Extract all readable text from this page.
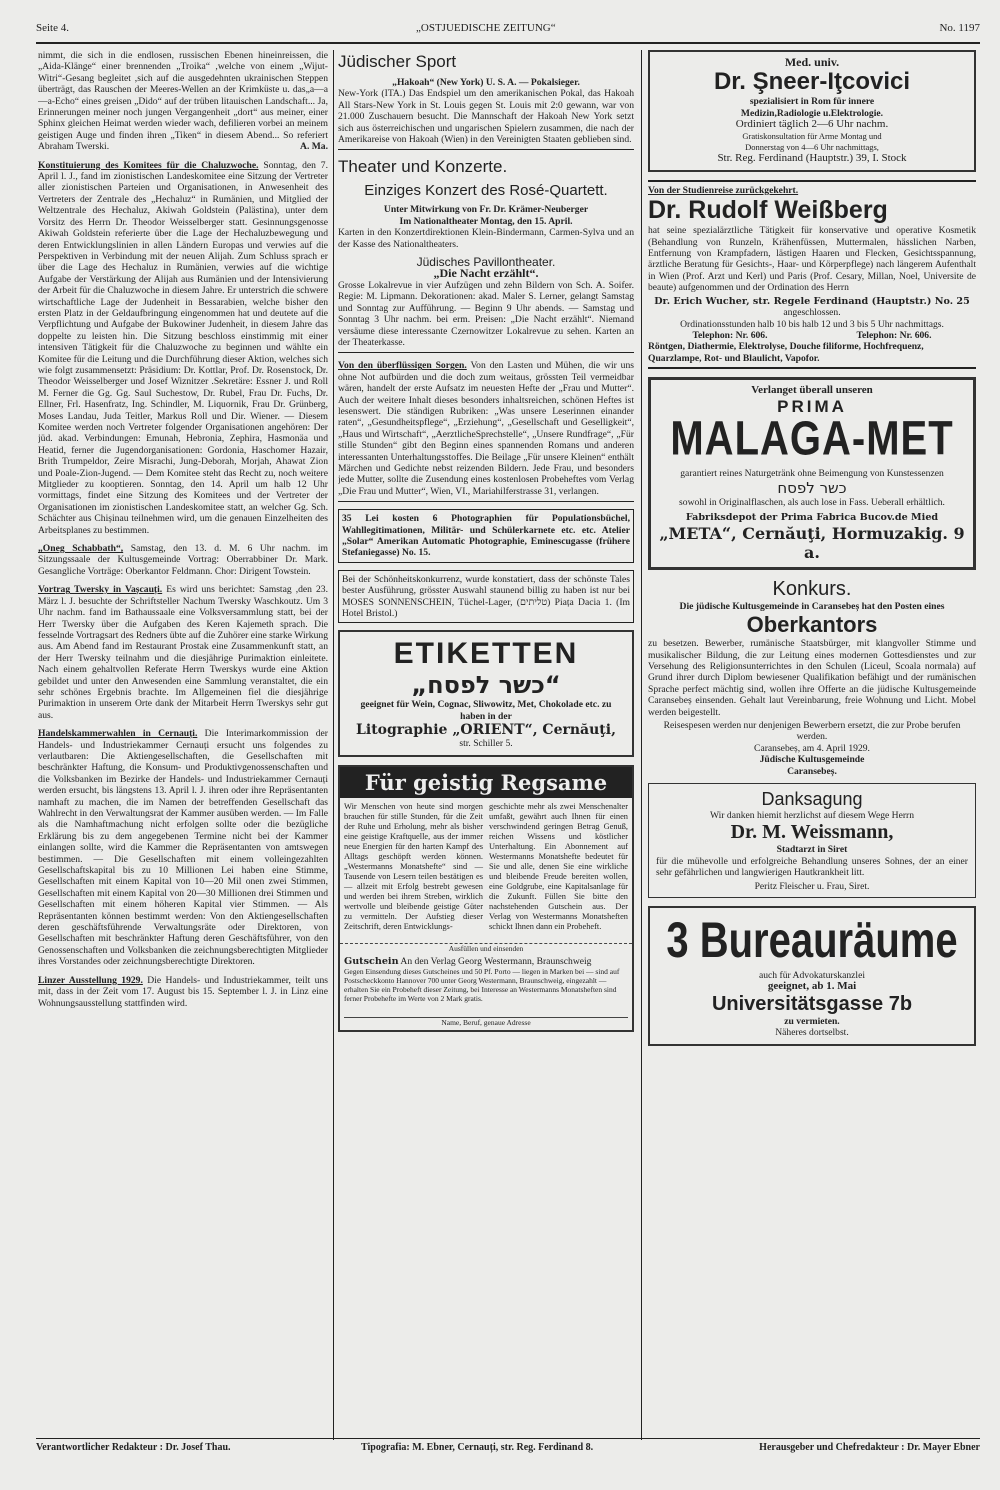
Seite 4.	„OSTJUEDISCHE ZEITUNG“	No. 1197

nimmt, die sich in die endlosen, russischen Ebenen hineinreissen, die „Aida-Klänge“ einer brennenden „Troika“ ,welche von einem „Wijut-Witri“-Gesang begleitet ,sich auf die ausgedehnten ukrainischen Steppen überträgt, das Rauschen der Meeres-Wellen an der Krimküste u. das„a—a—a-Echo“ eines greisen „Dido“ auf der trüben litauischen Landschaft... Ja, Erinnerungen meiner noch jungen Vergangenheit „dort“ aus meiner, einer Sphinx gleichen Heimat werden wieder wach, defilieren vorbei an meinem geistigen Auge und finden ihren „Tiken“ in diesem Abend... So referiert Abraham Twerski.	A. Ma.

Konstituierung des Komitees für die Chaluzwoche. Sonntag, den 7. April l. J., fand im zionistischen Landeskomitee eine Sitzung der Vertreter aller zionistischen Parteien und Organisationen, in Anwesenheit des Vertreters der Zentrale des „Hechaluz“ in Rumänien, und Mitglied der Weltzentrale des Hechaluz, Akiwah Goldstein (Palästina), unter dem Vorsitz des Herrn Dr. Theodor Weisselberger statt. Gesinnungsgenosse Akiwah Goldstein referierte über die Lage der Hechaluzbewegung und deren Entwicklungslinien in allen Ländern Europas und verwies auf die Perspektiven in Verbindung mit der neuen Alijah. Zum Schluss sprach er über die Lage des Hechaluz in Rumänien, verwies auf die wichtige Aufgabe der Verstärkung der Alijah aus Rumänien und der Intensivierung der Arbeit für die Chaluzwoche in diesem Jahre. Er unterstrich die schwere wirtschaftliche Lage der Judenheit in Bessarabien, welche bisher den ersten Platz in der Geldaufbringung eingenommen hat und deutete auf die Verpflichtung und Aufgabe der Bukowiner Judenheit, in diesem Jahre das doppelte zu leisten hin. Die Sitzung beschloss einstimmig mit einer intensiven Tätigkeit für die Chaluzwoche zu beginnen und wählte ein Komitee für die Leitung und die Durchführung dieser Aktion, welches sich wie folgt zusammensetzt: Präsidium: Dr. Kottlar, Prof. Dr. Rosenstock, Dr. Theodor Weisselberger und Josef Wiznitzer .Sekretäre: Essner J. und Roll M. Ferner die Gg. Gg. Saul Suchestow, Dr. Rubel, Frau Dr. Fuchs, Dr. Ellner, Frl. Hasenfratz, Ing. Schindler, M. Liquornik, Frau Dr. Grünberg, Moses Landau, Juda Teitler, Markus Roll und Dir. Wiener. — Diesem Komitee werden noch Vertreter folgender Organisationen angehören: Der jüd. akad. Verbindungen: Emunah, Hebronia, Zephira, Hasmonäa und Heatid, ferner die Jugendorganisationen: Gordonia, Haschomer Hazair, Brith Trumpeldor, Zeire Misrachi, Jung-Deborah, Morjah, Ahawat Zion und Poale-Zion-Jugend. — Dem Komitee steht das Recht zu, noch weitere Mitglieder zu kooptieren. Sonntag, den 14. April um halb 12 Uhr vormittags, findet eine Sitzung des Komitees und der Vertreter der Organisationen im zionistischen Landeskomitee statt, an welcher Gg. Sch. Schächter aus Chișinau teilnehmen wird, um die genauen Einzelheiten des Arbeitsplanes zu bestimmen.

„Oneg Schabbath“, Samstag, den 13. d. M. 6 Uhr nachm. im Sitzungssaale der Kultusgemeinde Vortrag: Oberrabbiner Dr. Mark. Gesangliche Vorträge: Oberkantor Feldmann. Chor: Dirigent Towstein.

Vortrag Twersky in Vașcauți. Es wird uns berichtet: Samstag ,den 23. März l. J. besuchte der Schriftsteller Nachum Twersky Waschkoutz. Um 3 Uhr nachm. fand im Bathaussaale eine Volksversammlung statt, bei der Herr Twersky über die Aufgaben des Keren Kajemeth sprach. Die fesselnde Vortragsart des Redners übte auf die Zuhörer eine starke Wirkung aus. Am Abend fand im Restaurant Prostak eine Zusammenkunft statt, an der Herr Twersky teilnahm und die diesjährige Purimaktion einleitete. Nach einem gehaltvollen Referate Herrn Twerskys wurde eine Aktion gebildet und unter den Anwesenden eine Sammlung veranstaltet, die ein sehr schönes Ergebnis brachte. Im Allgemeinen fiel die diesjährige Purimaktion in unserem Orte dank der Mitarbeit Herrn Twerskys sehr gut aus.

Handelskammerwahlen in Cernauți. Die Interimarkommission der Handels- und Industriekammer Cernauți ersucht uns folgendes zu verlautbaren: Die Aktiengesellschaften, die Gesellschaften mit beschränkter Haftung, die Konsum- und Produktivgenossenschaften und die Volksbanken im Bezirke der Handels- und Industriekammer Cernauți werden ersucht, bis längstens 13. April l. J. ihren oder ihre Repräsentanten namhaft zu machen, die im Namen der betreffenden Gesellschaft das Wahlrecht in den Verwaltungsrat der Kammer ausüben werden. — Im Falle als die Namhaftmachung nicht erfolgen sollte oder die bezügliche Erklärung bis zu dem angegebenen Termine nicht bei der Kammer einlangen sollte, wird die Kammer die Repräsentanten von amtswegen bestimmen. — Die Gesellschaften mit einem volleingezahlten Gesellschaftskapital bis zu 10 Millionen Lei haben eine Stimme, Gesellschaften mit einem Kapital von 10—20 Mil onen zwei Stimmen, Gesellschaften mit einem Kapital von 20—30 Millionen drei Stimmen und Gesellschaften mit einem höheren Kapital vier Stimmen. — Als Repräsentanten können bestimmt werden: Von den Aktiengesellschaften deren geschäftsführende Verwaltungsräte oder Direktoren, von Gesellschaften mit beschränkter Haftung deren Geschäftsführer, von den Genossenschaften und Volksbanken die zeichnungsberechtigten Mitglieder ihres Vorstandes oder zeichnungsberechtigte Direktoren.

Linzer Ausstellung 1929. Die Handels- und Industriekammer, teilt uns mit, dass in der Zeit vom 17. August bis 15. September l. J. in Linz eine Wohnungsausstellung stattfinden wird.

Jüdischer Sport

„Hakoah“ (New York) U. S. A. — Pokalsieger.

New-York (ITA.) Das Endspiel um den amerikanischen Pokal, das Hakoah All Stars-New York in St. Louis gegen St. Louis mit 2:0 gewann, war von 21.000 Zuschauern besucht. Die Mannschaft der Hakoah New York setzt sich aus österreichischen und ungarischen Spielern zusammen, die nach der Amerikareise von Hakoah (Wien) in den Vereinigten Staaten geblieben sind.

Theater und Konzerte.
Einziges Konzert des Rosé-Quartett.

Unter Mitwirkung von Fr. Dr. Krämer-Neuberger

Im Nationaltheater Montag, den 15. April.

Karten in den Konzertdirektionen Klein-Bindermann, Carmen-Sylva und an der Kasse des Nationaltheaters.

Jüdisches Pavillontheater.

„Die Nacht erzählt“.

Grosse Lokalrevue in vier Aufzügen und zehn Bildern von Sch. A. Soifer. Regie: M. Lipmann. Dekorationen: akad. Maler S. Lerner, gelangt Samstag und Sonntag zur Aufführung. — Beginn 9 Uhr abends. — Samstag und Sonntag 3 Uhr nachm. bei erm. Preisen: „Die Nacht erzählt“. Niemand versäume diese interessante Czernowitzer Lokalrevue zu sehen. Karten an der Theaterkasse.

Von den überflüssigen Sorgen. Von den Lasten und Mühen, die wir uns ohne Not aufbürden und die doch zum weitaus, grössten Teil vermeidbar wären, handelt der erste Aufsatz im neuesten Hefte der „Frau und Mutter“. Auch der weitere Inhalt dieses besonders inhaltsreichen, schönen Heftes ist lesenswert. Die ständigen Rubriken: „Was unsere Leserinnen einander raten“, „Gesundheitspflege“, „Erziehung“, „Gesellschaft und Geselligkeit“, „Haus und Wirtschaft“, „AerztlicheSprechstelle“, „Unsere Rundfrage“, „Für stille Stunden“ gibt den Beginn eines spannenden Romans und anderen interessanten Unterhaltungsstoffes. Die Beilage „Für unsere Kleinen“ enthält Märchen und Gedichte nebst reizenden Bildern. Jede Frau, und besonders jede Mutter, sollte die Zusendung eines kostenlosen Probeheftes vom Verlag „Die Frau und Mutter“, Wien, VI., Mariahilferstrasse 31, verlangen.

35 Lei kosten 6 Photographien für Populationsbüchel, Wahllegitimationen, Militär- und Schülerkarnete etc. etc. Atelier „Solar“ Amerikan Automatic Photographie, Eminescugasse (frühere Stefaniegasse) No. 15.

Bei der Schönheitskonkurrenz, wurde konstatiert, dass der schönste Tales bester Ausführung, grösster Auswahl staunend billig zu haben ist nur bei MOSES SONNENSCHEIN, Tüchel-Lager, (טליתים) Piața Dacia 1. (Im Hotel Bristol.)

ETIKETTEN
„כשר לפסח“
geeignet für Wein, Cognac, Sliwowitz, Met, Chokolade etc. zu haben in der
Litographie „ORIENT“, Cernăuţi,
str. Schiller 5.
Für geistig Regsame

Wir Menschen von heute sind morgen brauchen für stille Stunden, für die Zeit der Ruhe und Erholung, mehr als bisher eine geistige Kraftquelle, aus der immer neue Energien für den harten Kampf des Alltags geschöpft werden können. „Westermanns Monatshefte“ sind — Tausende von Lesern teilen bestätigen es — allzeit mit Erfolg bestrebt gewesen und werden bei ihrem Streben, wirklich wertvolle und bleibende geistige Güter zu vermitteln. Der Aufstieg dieser Zeitschrift, deren Entwicklungs-

geschichte mehr als zwei Menschenalter umfaßt, gewährt auch Ihnen für einen verschwindend geringen Betrag Genuß, reichen Wissens und köstlicher Unterhaltung. Ein Abonnement auf Westermanns Monatshefte bedeutet für Sie und alle, denen Sie eine wirkliche und bleibende Freude bereiten wollen, eine Goldgrube, eine Kapitalsanlage für die Zukunft. Füllen Sie bitte den nachstehenden Gutschein aus. Der Verlag von Westermanns Monatsheften schickt Ihnen dann ein Probeheft.

Ausfüllen und einsenden
Gutschein An den Verlag Georg Westermann, Braunschweig

Gegen Einsendung dieses Gutscheines und 50 Pf. Porto — liegen in Marken bei — sind auf Postscheckkonto Hannover 700 unter Georg Westermann, Braunschweig, eingezahlt — erhalten Sie ein Probeheft dieser Zeitung, bei Interesse an Westermanns Monatsheften sind ferner Probehefte im Werte von 2 Mark gratis.

Name, Beruf, genaue Adresse
Med. univ.
Dr. Şneer-Iţcovici
spezialisiert in Rom für innere
Medizin,Radiologie u.Elektrologie.
Ordiniert täglich 2—6 Uhr nachm.
Gratiskonsultation für Arme Montag und
Donnerstag von 4—6 Uhr nachmittags,
Str. Reg. Ferdinand (Hauptstr.) 39, I. Stock
Von der Studienreise zurückgekehrt.
Dr. Rudolf Weißberg

hat seine spezialärztliche Tätigkeit für konservative und operative Kosmetik (Behandlung von Runzeln, Krähenfüssen, Muttermalen, hässlichen Narben, Entfernung von Krampfadern, lästigen Haaren und Flecken, Gesichtsspannung, ärztliche Beratung für Gesichts-, Haar- und Körperpflege) nach längerem Aufenthalt in Wien (Prof. Arzt und Kerl) und Paris (Prof. Cesary, Millan, Noel, Universite de beaute) aufgenommen und der Ordination des Herrn

Dr. Erich Wucher, str. Regele Ferdinand (Hauptstr.) No. 25
angeschlossen.
Ordinationsstunden halb 10 bis halb 12 und 3 bis 5 Uhr nachmittags.
Telephon: Nr. 606.	Telephon: Nr. 606.
Röntgen, Diathermie, Elektrolyse, Douche filiforme, Hochfrequenz, Quarzlampe, Rot- und Blaulicht, Vapofor.
Verlanget überall unseren
PRIMA
MALAGA-MET
garantiert reines Naturgetränk ohne Beimengung von Kunstessenzen
כשר לפסח
sowohl in Originalflaschen, als auch lose in Fass. Ueberall erhältlich.
Fabriksdepot der Prima Fabrica Bucov.de Mied
„META“, Cernăuţi, Hormuzakig. 9 a.
Konkurs.
Die jüdische Kultusgemeinde in Caransebeș hat den Posten eines
Oberkantors

zu besetzen. Bewerber, rumänische Staatsbürger, mit klangvoller Stimme und musikalischer Bildung, die zur Leitung eines modernen Gottesdienstes und zur Versehung des Religionsunterrichtes in den Schulen (Liceul, Scoala normala) auf Grund ihrer durch Diplom bewiesener Qualifikation befähigt und der rumänischen Sprache perfect mächtig sind, wollen ihre Offerte an die jüdische Kultusgemeinde Caransebeș einsenden. Gehalt laut Vereinbarung, freie Wohnung und Licht. Mobel werden beigestellt.

Reisespesen werden nur denjenigen Bewerbern ersetzt, die zur Probe berufen werden.
Caransebeș, am 4. April 1929.
Jüdische Kultusgemeinde
Caransebeș.
Danksagung
Wir danken hiemit herzlichst auf diesem Wege Herrn
Dr. M. Weissmann,
Stadtarzt in Siret

für die mühevolle und erfolgreiche Behandlung unseres Sohnes, der an einer sehr gefährlichen und langwierigen Hautkrankheit litt.

Peritz Fleischer u. Frau, Siret.
3 Bureauräume
auch für Advokaturskanzlei
geeignet, ab 1. Mai
Universitätsgasse 7b
zu vermieten.
Näheres dortselbst.
Verantwortlicher Redakteur : Dr. Josef Thau.	Tipografia: M. Ebner, Cernauți, str. Reg. Ferdinand 8.	Herausgeber und Chefredakteur : Dr. Mayer Ebner
